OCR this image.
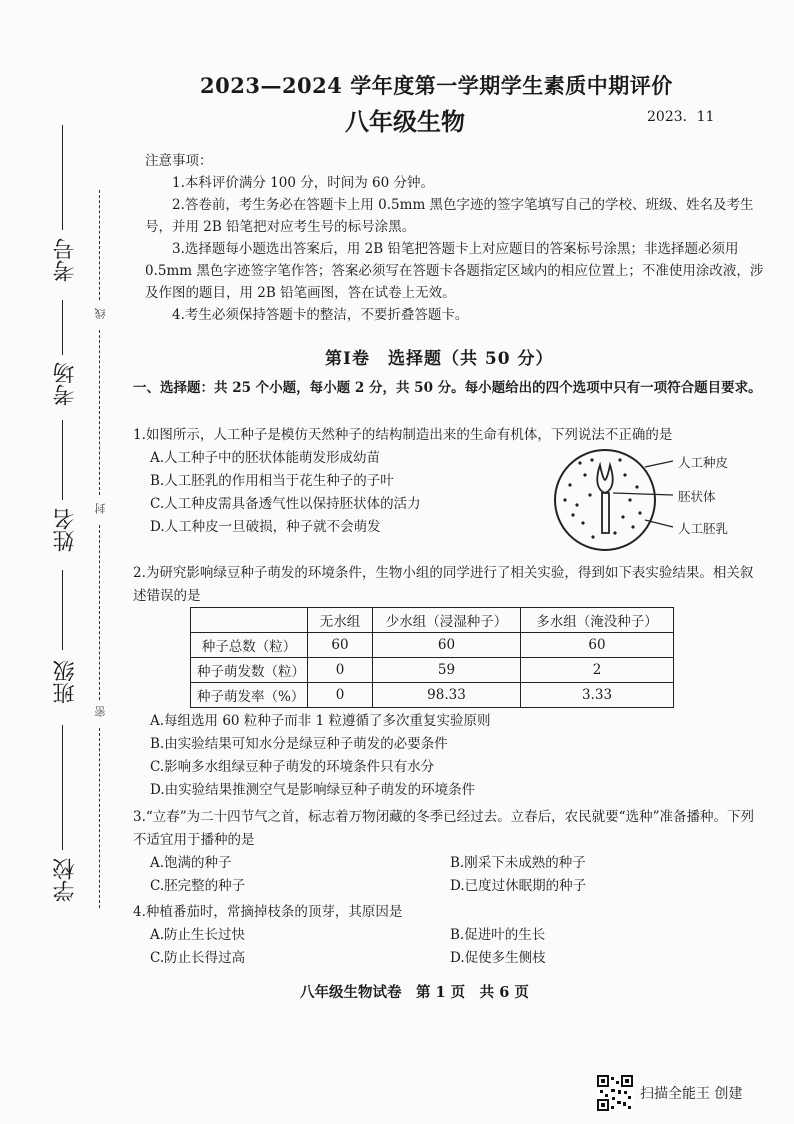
考号
考场
姓名
班级
学校
线
封
密
2023—2024 学年度第一学期学生素质中期评价
八年级生物	2023．11

注意事项：

1.本科评价满分 100 分，时间为 60 分钟。

2.答卷前，考生务必在答题卡上用 0.5mm 黑色字迹的签字笔填写自己的学校、班级、姓名及考生号，并用 2B 铅笔把对应考生号的标号涂黑。

3.选择题每小题选出答案后，用 2B 铅笔把答题卡上对应题目的答案标号涂黑；非选择题必须用 0.5mm 黑色字迹签字笔作答；答案必须写在答题卡各题指定区域内的相应位置上；不准使用涂改液，涉及作图的题目，用 2B 铅笔画图，答在试卷上无效。

4.考生必须保持答题卡的整洁，不要折叠答题卡。

第Ⅰ卷　选择题（共 50 分）

一、选择题：共 25 个小题，每小题 2 分，共 50 分。每小题给出的四个选项中只有一项符合题目要求。

1.如图所示，人工种子是模仿天然种子的结构制造出来的生命有机体，下列说法不正确的是

A.人工种子中的胚状体能萌发形成幼苗

B.人工胚乳的作用相当于花生种子的子叶

C.人工种皮需具备透气性以保持胚状体的活力

D.人工种皮一旦破损，种子就不会萌发

人工种皮
胚状体
人工胚乳

2.为研究影响绿豆种子萌发的环境条件，生物小组的同学进行了相关实验，得到如下表实验结果。相关叙述错误的是

	无水组	少水组（浸湿种子）	多水组（淹没种子）
种子总数（粒）	60	60	60
种子萌发数（粒）	0	59	2
种子萌发率（%）	0	98.33	3.33

A.每组选用 60 粒种子而非 1 粒遵循了多次重复实验原则

B.由实验结果可知水分是绿豆种子萌发的必要条件

C.影响多水组绿豆种子萌发的环境条件只有水分

D.由实验结果推测空气是影响绿豆种子萌发的环境条件

3.“立春”为二十四节气之首，标志着万物闭藏的冬季已经过去。立春后，农民就要“选种”准备播种。下列不适宜用于播种的是

A.饱满的种子	B.刚采下未成熟的种子
C.胚完整的种子	D.已度过休眠期的种子

4.种植番茄时，常摘掉枝条的顶芽，其原因是

A.防止生长过快	B.促进叶的生长
C.防止长得过高	D.促使多生侧枝
八年级生物试卷　第 1 页　共 6 页
扫描全能王 创建
